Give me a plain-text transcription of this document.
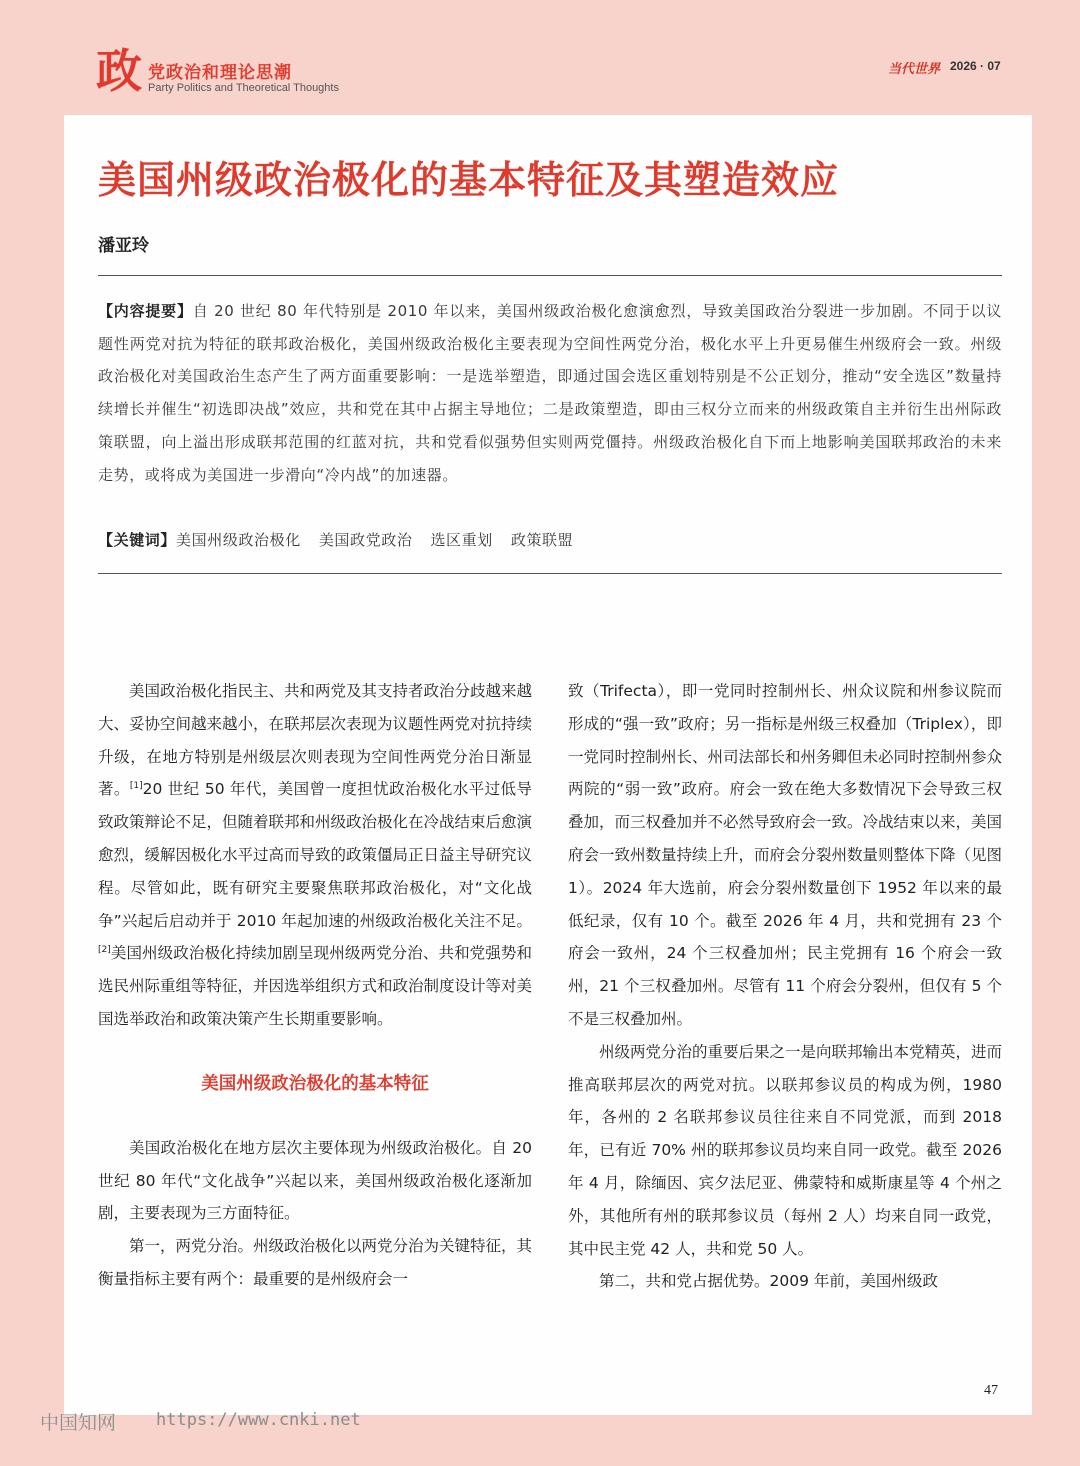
政 党政治和理论思潮
Party Politics and Theoretical Thoughts
当代世界 2026 · 07
美国州级政治极化的基本特征及其塑造效应
潘亚玲
【内容提要】自 20 世纪 80 年代特别是 2010 年以来，美国州级政治极化愈演愈烈，导致美国政治分裂进一步加剧。不同于以议题性两党对抗为特征的联邦政治极化，美国州级政治极化主要表现为空间性两党分治，极化水平上升更易催生州级府会一致。州级政治极化对美国政治生态产生了两方面重要影响：一是选举塑造，即通过国会选区重划特别是不公正划分，推动“安全选区”数量持续增长并催生“初选即决战”效应，共和党在其中占据主导地位；二是政策塑造，即由三权分立而来的州级政策自主并衍生出州际政策联盟，向上溢出形成联邦范围的红蓝对抗，共和党看似强势但实则两党僵持。州级政治极化自下而上地影响美国联邦政治的未来走势，或将成为美国进一步滑向“冷内战”的加速器。
【关键词】美国州级政治极化 美国政党政治 选区重划 政策联盟

美国政治极化指民主、共和两党及其支持者政治分歧越来越大、妥协空间越来越小，在联邦层次表现为议题性两党对抗持续升级，在地方特别是州级层次则表现为空间性两党分治日渐显著。[1]20 世纪 50 年代，美国曾一度担忧政治极化水平过低导致政策辩论不足，但随着联邦和州级政治极化在冷战结束后愈演愈烈，缓解因极化水平过高而导致的政策僵局正日益主导研究议程。尽管如此，既有研究主要聚焦联邦政治极化，对“文化战争”兴起后启动并于 2010 年起加速的州级政治极化关注不足。[2]美国州级政治极化持续加剧呈现州级两党分治、共和党强势和选民州际重组等特征，并因选举组织方式和政治制度设计等对美国选举政治和政策决策产生长期重要影响。

美国州级政治极化的基本特征

美国政治极化在地方层次主要体现为州级政治极化。自 20 世纪 80 年代“文化战争”兴起以来，美国州级政治极化逐渐加剧，主要表现为三方面特征。

第一，两党分治。州级政治极化以两党分治为关键特征，其衡量指标主要有两个：最重要的是州级府会一

致（Trifecta），即一党同时控制州长、州众议院和州参议院而形成的“强一致”政府；另一指标是州级三权叠加（Triplex），即一党同时控制州长、州司法部长和州务卿但未必同时控制州参众两院的“弱一致”政府。府会一致在绝大多数情况下会导致三权叠加，而三权叠加并不必然导致府会一致。冷战结束以来，美国府会一致州数量持续上升，而府会分裂州数量则整体下降（见图 1）。2024 年大选前，府会分裂州数量创下 1952 年以来的最低纪录，仅有 10 个。截至 2026 年 4 月，共和党拥有 23 个府会一致州，24 个三权叠加州；民主党拥有 16 个府会一致州，21 个三权叠加州。尽管有 11 个府会分裂州，但仅有 5 个不是三权叠加州。

州级两党分治的重要后果之一是向联邦输出本党精英，进而推高联邦层次的两党对抗。以联邦参议员的构成为例，1980 年，各州的 2 名联邦参议员往往来自不同党派，而到 2018 年，已有近 70% 州的联邦参议员均来自同一政党。截至 2026 年 4 月，除缅因、宾夕法尼亚、佛蒙特和威斯康星等 4 个州之外，其他所有州的联邦参议员（每州 2 人）均来自同一政党，其中民主党 42 人，共和党 50 人。

第二，共和党占据优势。2009 年前，美国州级政

47
中国知网 https://www.cnki.net
